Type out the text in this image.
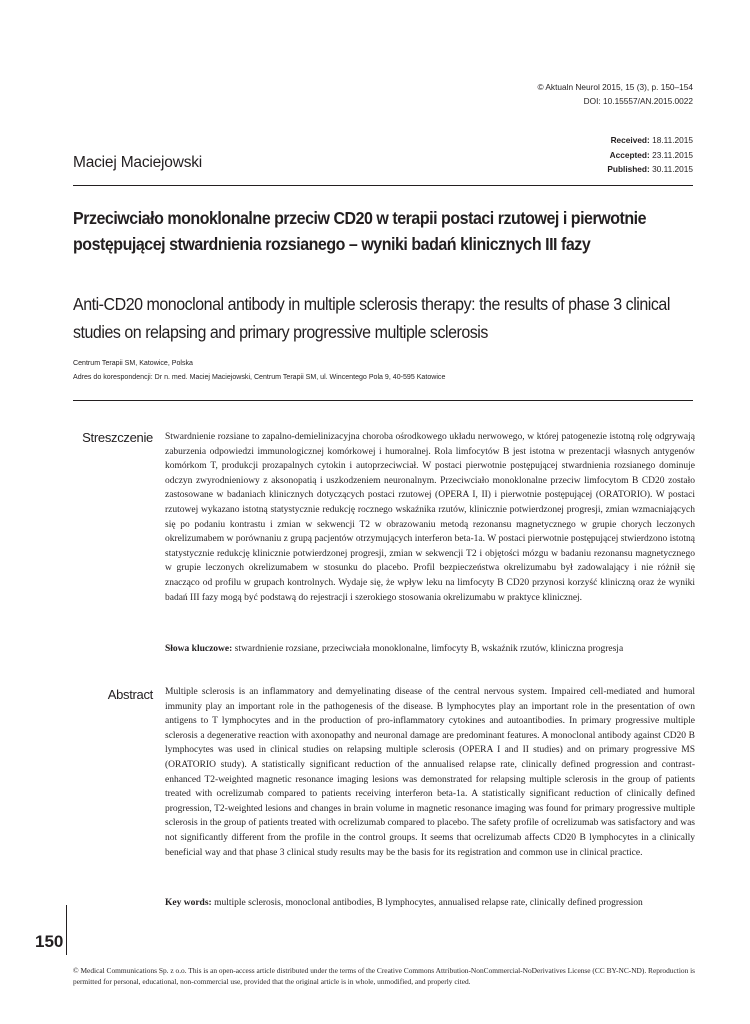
© Aktualn Neurol 2015, 15 (3), p. 150–154
DOI: 10.15557/AN.2015.0022
Received: 18.11.2015
Accepted: 23.11.2015
Published: 30.11.2015
Maciej Maciejowski
Przeciwciało monoklonalne przeciw CD20 w terapii postaci rzutowej i pierwotnie postępującej stwardnienia rozsianego – wyniki badań klinicznych III fazy
Anti-CD20 monoclonal antibody in multiple sclerosis therapy: the results of phase 3 clinical studies on relapsing and primary progressive multiple sclerosis
Centrum Terapii SM, Katowice, Polska
Adres do korespondencji: Dr n. med. Maciej Maciejowski, Centrum Terapii SM, ul. Wincentego Pola 9, 40-595 Katowice
Streszczenie Stwardnienie rozsiane to zapalno-demielinizacyjna choroba ośrodkowego układu nerwowego, w której patogenezie istotną rolę odgrywają zaburzenia odpowiedzi immunologicznej komórkowej i humoralnej. Rola limfocytów B jest istotna w prezentacji własnych antygenów komórkom T, produkcji prozapalnych cytokin i autoprzeciwciał. W postaci pierwotnie postępującej stwardnienia rozsianego dominuje odczyn zwyrodnieniowy z aksonopatią i uszkodzeniem neuronalnym. Przeciwciało monoklonalne przeciw limfocytom B CD20 zostało zastosowane w badaniach klinicznych dotyczących postaci rzutowej (OPERA I, II) i pierwotnie postępującej (ORATORIO). W postaci rzutowej wykazano istotną statystycznie redukcję rocznego wskaźnika rzutów, klinicznie potwierdzonej progresji, zmian wzmacniających się po podaniu kontrastu i zmian w sekwencji T2 w obrazowaniu metodą rezonansu magnetycznego w grupie chorych leczonych okrelizumabem w porównaniu z grupą pacjentów otrzymujących interferon beta-1a. W postaci pierwotnie postępującej stwierdzono istotną statystycznie redukcję klinicznie potwierdzonej progresji, zmian w sekwencji T2 i objętości mózgu w badaniu rezonansu magnetycznego w grupie leczonych okrelizumabem w stosunku do placebo. Profil bezpieczeństwa okrelizumabu był zadowalający i nie różnił się znacząco od profilu w grupach kontrolnych. Wydaje się, że wpływ leku na limfocyty B CD20 przynosi korzyść kliniczną oraz że wyniki badań III fazy mogą być podstawą do rejestracji i szerokiego stosowania okrelizumabu w praktyce klinicznej.

Słowa kluczowe: stwardnienie rozsiane, przeciwciała monoklonalne, limfocyty B, wskaźnik rzutów, kliniczna progresja
Abstract Multiple sclerosis is an inflammatory and demyelinating disease of the central nervous system. Impaired cell-mediated and humoral immunity play an important role in the pathogenesis of the disease. B lymphocytes play an important role in the presentation of own antigens to T lymphocytes and in the production of pro-inflammatory cytokines and autoantibodies. In primary progressive multiple sclerosis a degenerative reaction with axonopathy and neuronal damage are predominant features. A monoclonal antibody against CD20 B lymphocytes was used in clinical studies on relapsing multiple sclerosis (OPERA I and II studies) and on primary progressive MS (ORATORIO study). A statistically significant reduction of the annualised relapse rate, clinically defined progression and contrast-enhanced T2-weighted magnetic resonance imaging lesions was demonstrated for relapsing multiple sclerosis in the group of patients treated with ocrelizumab compared to patients receiving interferon beta-1a. A statistically significant reduction of clinically defined progression, T2-weighted lesions and changes in brain volume in magnetic resonance imaging was found for primary progressive multiple sclerosis in the group of patients treated with ocrelizumab compared to placebo. The safety profile of ocrelizumab was satisfactory and was not significantly different from the profile in the control groups. It seems that ocrelizumab affects CD20 B lymphocytes in a clinically beneficial way and that phase 3 clinical study results may be the basis for its registration and common use in clinical practice.

Key words: multiple sclerosis, monoclonal antibodies, B lymphocytes, annualised relapse rate, clinically defined progression
150
© Medical Communications Sp. z o.o. This is an open-access article distributed under the terms of the Creative Commons Attribution-NonCommercial-NoDerivatives License (CC BY-NC-ND). Reproduction is permitted for personal, educational, non-commercial use, provided that the original article is in whole, unmodified, and properly cited.
